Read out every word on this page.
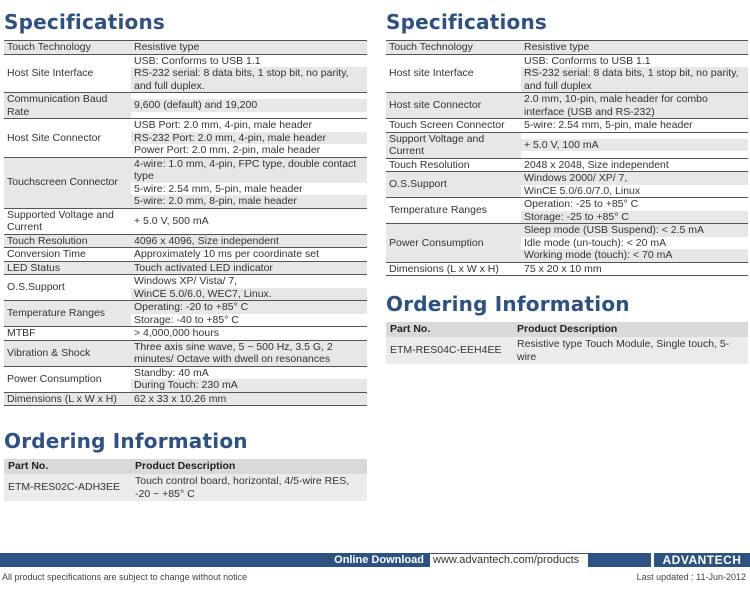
Specifications
Touch Technology	Resistive type

Host Site Interface	USB: Conforms to USB 1.1
RS-232 serial: 8 data bits, 1 stop bit, no parity, and full duplex.

Communication Baud Rate	9,600 (default) and 19,200

Host Site Connector	USB Port: 2.0 mm, 4-pin, male header
RS-232 Port: 2.0 mm, 4-pin, male header
Power Port: 2.0 mm, 2-pin, male header

Touchscreen Connector	4-wire: 1.0 mm, 4-pin, FPC type, double contact type
5-wire: 2.54 mm, 5-pin, male header
5-wire: 2.0 mm, 8-pin, male header

Supported Voltage and Current	+ 5.0 V, 500 mA

Touch Resolution	4096 x 4096, Size independent

Conversion Time	Approximately 10 ms per coordinate set

LED Status	Touch activated LED indicator

O.S.Support	Windows XP/ Vista/ 7,
WinCE 5.0/6.0, WEC7, Linux.

Temperature Ranges	Operating: -20 to +85° C
Storage: -40 to +85° C

MTBF	> 4,000,000 hours

Vibration & Shock	Three axis sine wave, 5 ~ 500 Hz, 3.5 G, 2 minutes/ Octave with dwell on resonances

Power Consumption	Standby: 40 mA
During Touch: 230 mA

Dimensions (L x W x H)	62 x 33 x 10.26 mm
Ordering Information
Part No.	Product Description
ETM-RES02C-ADH3EE	Touch control board, horizontal, 4/5-wire RES, -20 ~ +85° C
Specifications
Touch Technology	Resistive type

Host site Interface	USB: Conforms to USB 1.1
RS-232 serial: 8 data bits, 1 stop bit, no parity, and full duplex

Host site Connector	2.0 mm, 10-pin, male header for combo interface (USB and RS-232)

Touch Screen Connector	5-wire: 2.54 mm, 5-pin, male header

Support Voltage and Current	+ 5.0 V, 100 mA

Touch Resolution	2048 x 2048, Size independent

O.S.Support	Windows 2000/ XP/ 7,
WinCE 5.0/6.0/7.0, Linux

Temperature Ranges	Operation: -25 to +85° C
Storage: -25 to +85° C

Power Consumption	Sleep mode (USB Suspend): < 2.5 mA
Idle mode (un-touch): < 20 mA
Working mode (touch): < 70 mA

Dimensions (L x W x H)	75 x 20 x 10 mm
Ordering Information
Part No.	Product Description
ETM-RES04C-EEH4EE	Resistive type Touch Module, Single touch, 5-wire
Online Download www.advantech.com/products	ADVANTECH
All product specifications are subject to change without notice	Last updated : 11-Jun-2012
